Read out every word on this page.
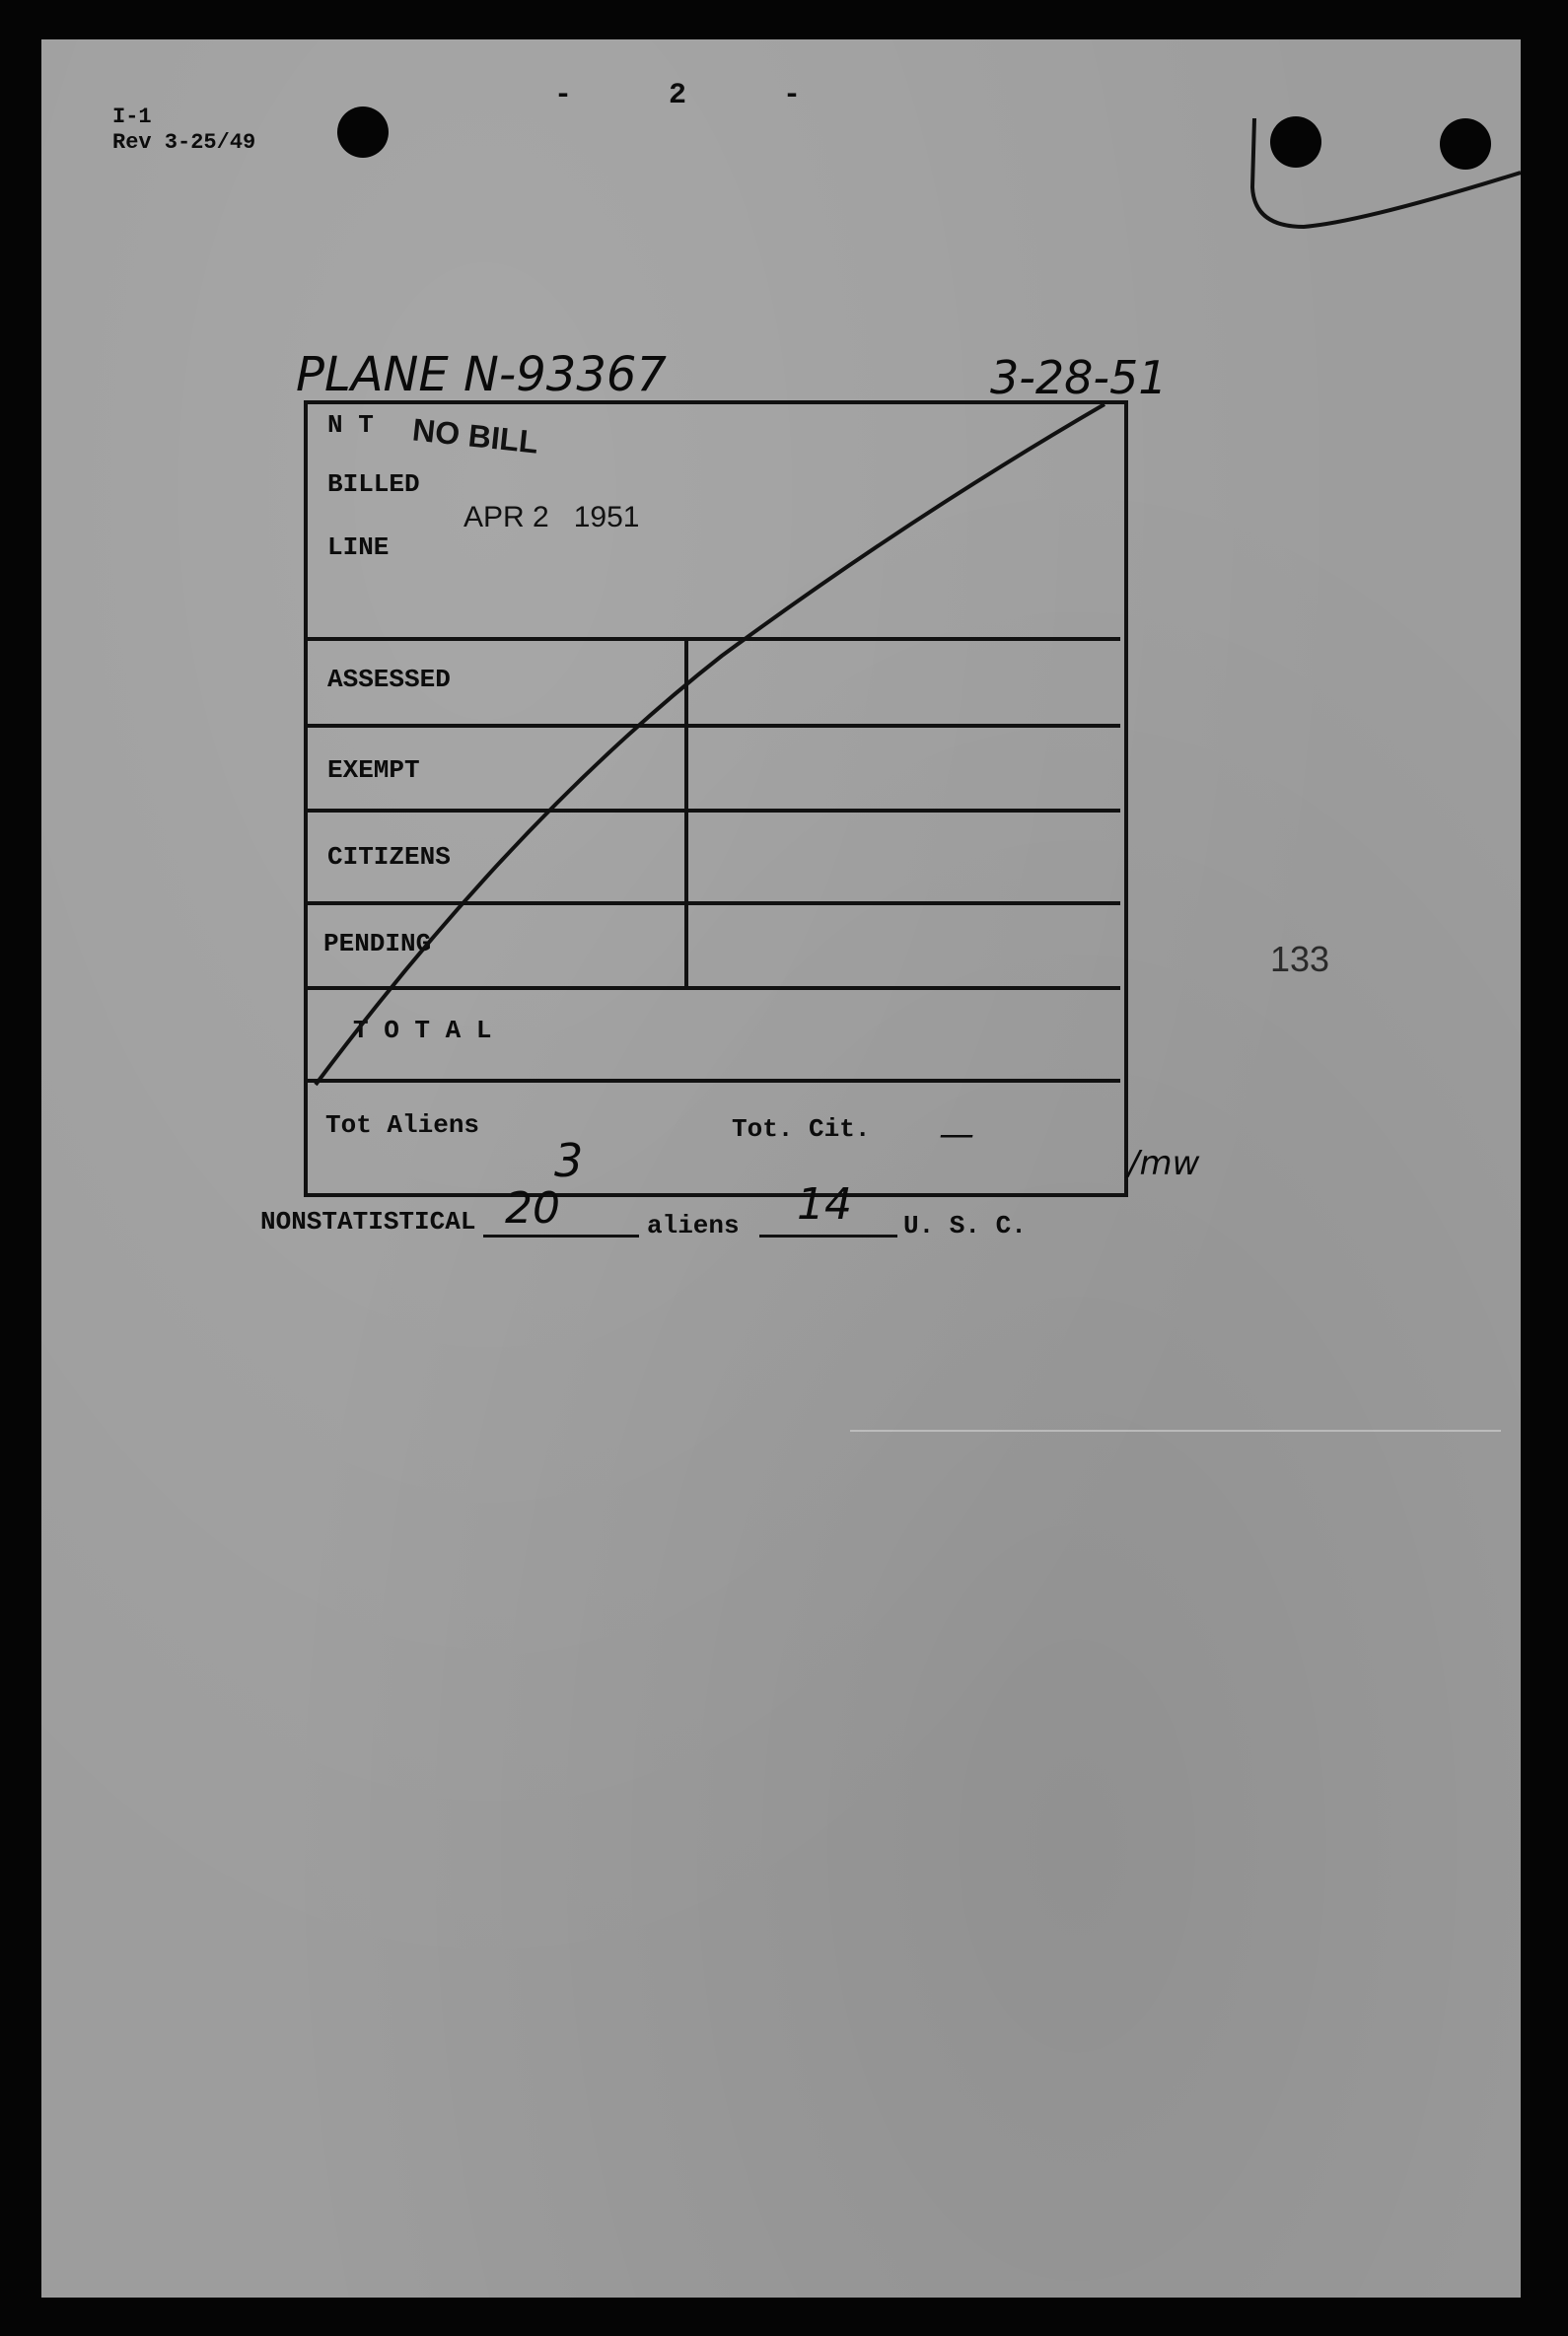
I-1
Rev 3-25/49
- 2 -
PLANE N-93367	3-28-51
N T
BILLED
LINE
NO BILL
APR 2   1951
133
ASSESSED
EXEMPT
CITIZENS
PENDING
T O T A L
Tot Aliens	Tot. Cit. —
3	/mw
NONSTATISTICAL 20	aliens 14 U. S. C.
